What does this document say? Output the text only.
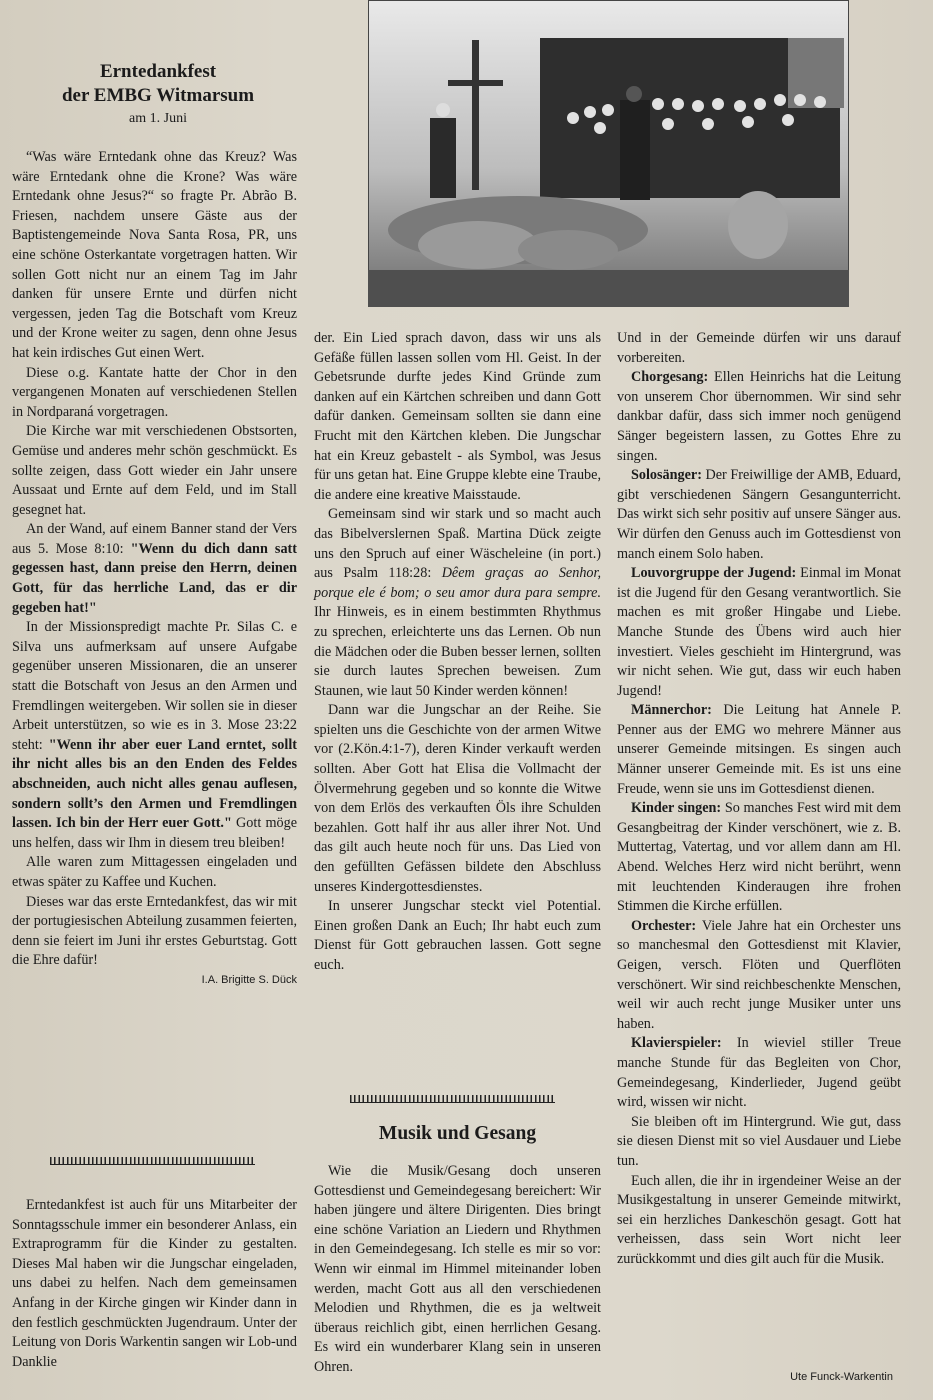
Erntedankfest
der EMBG Witmarsum
am 1. Juni

“Was wäre Erntedank ohne das Kreuz? Was wäre Erntedank ohne die Krone? Was wäre Erntedank ohne Jesus?“ so fragte Pr. Abrão B. Friesen, nachdem unsere Gäste aus der Baptistengemeinde Nova Santa Rosa, PR, uns eine schöne Osterkantate vorgetragen hatten. Wir sollen Gott nicht nur an einem Tag im Jahr danken für unsere Ernte und dürfen nicht vergessen, jeden Tag die Botschaft vom Kreuz und der Krone weiter zu sagen, denn ohne Jesus hat kein irdisches Gut einen Wert.

Diese o.g. Kantate hatte der Chor in den vergangenen Monaten auf verschiedenen Stellen in Nordparaná vorgetragen.

Die Kirche war mit verschiedenen Obstsorten, Gemüse und anderes mehr schön geschmückt. Es sollte zeigen, dass Gott wieder ein Jahr unsere Aussaat und Ernte auf dem Feld, und im Stall gesegnet hat.

An der Wand, auf einem Banner stand der Vers aus 5. Mose 8:10: "Wenn du dich dann satt gegessen hast, dann preise den Herrn, deinen Gott, für das herrliche Land, das er dir gegeben hat!"

In der Missionspredigt machte Pr. Silas C. e Silva uns aufmerksam auf unsere Aufgabe gegenüber unseren Missionaren, die an unserer statt die Botschaft von Jesus an den Armen und Fremdlingen weitergeben. Wir sollen sie in dieser Arbeit unterstützen, so wie es in 3. Mose 23:22 steht: "Wenn ihr aber euer Land erntet, sollt ihr nicht alles bis an den Enden des Feldes abschneiden, auch nicht alles genau auflesen, sondern sollt’s den Armen und Fremdlingen lassen. Ich bin der Herr euer Gott." Gott möge uns helfen, dass wir Ihm in diesem treu bleiben!

Alle waren zum Mittagessen eingeladen und etwas später zu Kaffee und Kuchen.

Dieses war das erste Erntedankfest, das wir mit der portugiesischen Abteilung zusammen feierten, denn sie feiert im Juni ihr erstes Geburtstag. Gott die Ehre dafür!

I.A. Brigitte S. Dück

Erntedankfest ist auch für uns Mitarbeiter der Sonntagsschule immer ein besonderer Anlass, ein Extraprogramm für die Kinder zu gestalten. Dieses Mal haben wir die Jungschar eingeladen, uns dabei zu helfen. Nach dem gemeinsamen Anfang in der Kirche gingen wir Kinder dann in den festlich geschmückten Jugendraum. Unter der Leitung von Doris Warkentin sangen wir Lob-und Danklie

der. Ein Lied sprach davon, dass wir uns als Gefäße füllen lassen sollen vom Hl. Geist. In der Gebetsrunde durfte jedes Kind Gründe zum danken auf ein Kärtchen schreiben und dann Gott dafür danken. Gemeinsam sollten sie dann eine Frucht mit den Kärtchen kleben. Die Jungschar hat ein Kreuz gebastelt - als Symbol, was Jesus für uns getan hat. Eine Gruppe klebte eine Traube, die andere eine kreative Maisstaude.

Gemeinsam sind wir stark und so macht auch das Bibelverslernen Spaß. Martina Dück zeigte uns den Spruch auf einer Wäscheleine (in port.) aus Psalm 118:28: Dêem graças ao Senhor, porque ele é bom; o seu amor dura para sempre. Ihr Hinweis, es in einem bestimmten Rhythmus zu sprechen, erleichterte uns das Lernen. Ob nun die Mädchen oder die Buben besser lernen, sollten sie durch lautes Sprechen beweisen. Zum Staunen, wie laut 50 Kinder werden können!

Dann war die Jungschar an der Reihe. Sie spielten uns die Geschichte von der armen Witwe vor (2.Kön.4:1-7), deren Kinder verkauft werden sollten. Aber Gott hat Elisa die Vollmacht der Ölvermehrung gegeben und so konnte die Witwe von dem Erlös des verkauften Öls ihre Schulden bezahlen. Gott half ihr aus aller ihrer Not. Und das gilt auch heute noch für uns. Das Lied von den gefüllten Gefässen bildete den Abschluss unseres Kindergottesdienstes.

In unserer Jungschar steckt viel Potential. Einen großen Dank an Euch; Ihr habt euch zum Dienst für Gott gebrauchen lassen. Gott segne euch.

Musik und Gesang

Wie die Musik/Gesang doch unseren Gottesdienst und Gemeindegesang bereichert: Wir haben jüngere und ältere Dirigenten. Dies bringt eine schöne Variation an Liedern und Rhythmen in den Gemeindegesang. Ich stelle es mir so vor: Wenn wir einmal im Himmel miteinander loben werden, macht Gott aus all den verschiedenen Melodien und Rhythmen, die es ja weltweit überaus reichlich gibt, einen herrlichen Gesang. Es wird ein wunderbarer Klang sein in unseren Ohren.

Und in der Gemeinde dürfen wir uns darauf vorbereiten.

Chorgesang: Ellen Heinrichs hat die Leitung von unserem Chor übernommen. Wir sind sehr dankbar dafür, dass sich immer noch genügend Sänger begeistern lassen, zu Gottes Ehre zu singen.

Solosänger: Der Freiwillige der AMB, Eduard, gibt verschiedenen Sängern Gesangunterricht. Das wirkt sich sehr positiv auf unsere Sänger aus. Wir dürfen den Genuss auch im Gottesdienst von manch einem Solo haben.

Louvorgruppe der Jugend: Einmal im Monat ist die Jugend für den Gesang verantwortlich. Sie machen es mit großer Hingabe und Liebe. Manche Stunde des Übens wird auch hier investiert. Vieles geschieht im Hintergrund, was wir nicht sehen. Wie gut, dass wir euch haben Jugend!

Männerchor: Die Leitung hat Annele P. Penner aus der EMG wo mehrere Männer aus unserer Gemeinde mitsingen. Es singen auch Männer unserer Gemeinde mit. Es ist uns eine Freude, wenn sie uns im Gottesdienst dienen.

Kinder singen: So manches Fest wird mit dem Gesangbeitrag der Kinder verschönert, wie z. B. Muttertag, Vatertag, und vor allem dann am Hl. Abend. Welches Herz wird nicht berührt, wenn mit leuchtenden Kinderaugen ihre frohen Stimmen die Kirche erfüllen.

Orchester: Viele Jahre hat ein Orchester uns so manchesmal den Gottesdienst mit Klavier, Geigen, versch. Flöten und Querflöten verschönert. Wir sind reichbeschenkte Menschen, weil wir auch recht junge Musiker unter uns haben.

Klavierspieler: In wieviel stiller Treue manche Stunde für das Begleiten von Chor, Gemeindegesang, Kinderlieder, Jugend geübt wird, wissen wir nicht.

Sie bleiben oft im Hintergrund. Wie gut, dass sie diesen Dienst mit so viel Ausdauer und Liebe tun.

Euch allen, die ihr in irgendeiner Weise an der Musikgestaltung in unserer Gemeinde mitwirkt, sei ein herzliches Dankeschön gesagt. Gott hat verheissen, dass sein Wort nicht leer zurückkommt und dies gilt auch für die Musik.

Ute Funck-Warkentin
